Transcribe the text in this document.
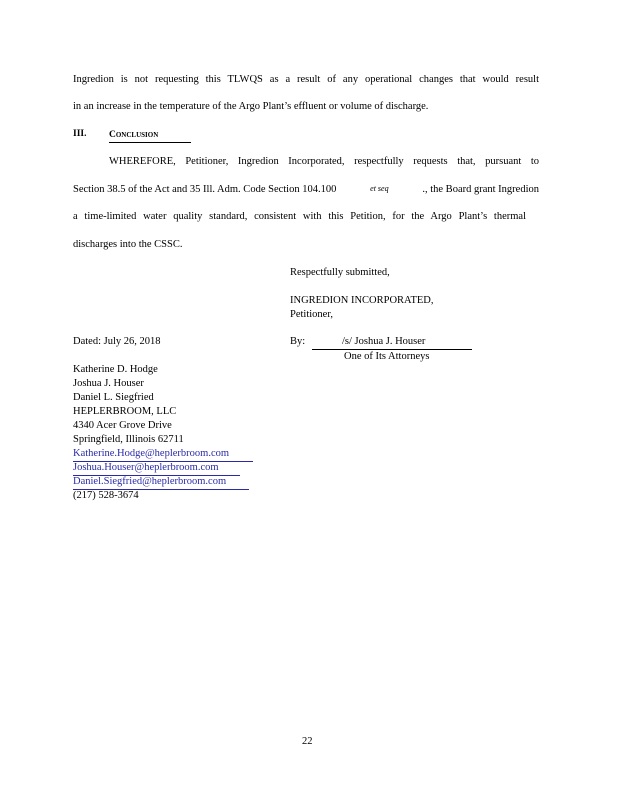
Ingredion is not requesting this TLWQS as a result of any operational changes that would result
in an increase in the temperature of the Argo Plant’s effluent or volume of discharge.
III. Conclusion
WHEREFORE, Petitioner, Ingredion Incorporated, respectfully requests that, pursuant to
Section 38.5 of the Act and 35 Ill. Adm. Code Section 104.100	et seq	., the Board grant Ingredion
a time-limited water quality standard, consistent with this Petition, for the Argo Plant’s thermal
discharges into the CSSC.
Respectfully submitted,
INGREDION INCORPORATED,
Petitioner,
Dated: July 26, 2018	By:	/s/ Joshua J. Houser
One of Its Attorneys
Katherine D. Hodge
Joshua J. Houser
Daniel L. Siegfried
HEPLERBROOM, LLC
4340 Acer Grove Drive
Springfield, Illinois 62711
Katherine.Hodge@heplerbroom.com
Joshua.Houser@heplerbroom.com
Daniel.Siegfried@heplerbroom.com
(217) 528-3674
22
